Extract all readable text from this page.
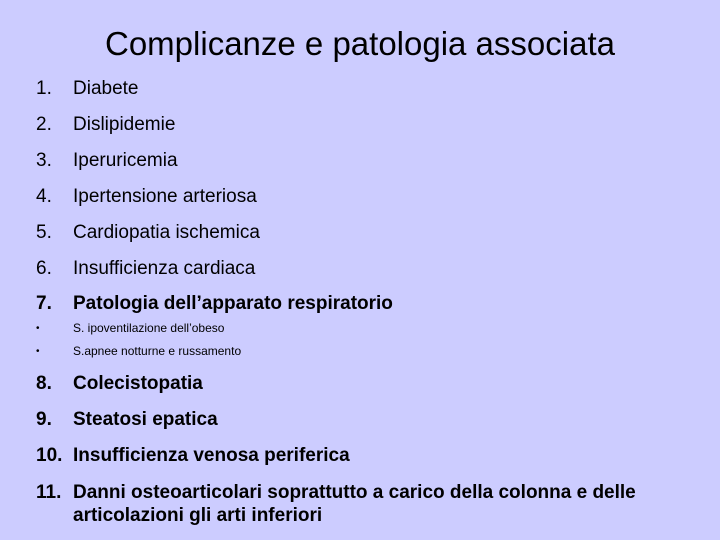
Complicanze e patologia associata
1.	Diabete
2.	Dislipidemie
3.	Iperuricemia
4.	Ipertensione arteriosa
5.	Cardiopatia ischemica
6.	Insufficienza cardiaca
7.	Patologia dell’apparato respiratorio
•	S. ipoventilazione dell’obeso
•	S.apnee notturne e russamento
8.	Colecistopatia
9.	Steatosi epatica
10. Insufficienza venosa periferica
11. Danni osteoarticolari soprattutto a carico della colonna e delle articolazioni gli arti inferiori
